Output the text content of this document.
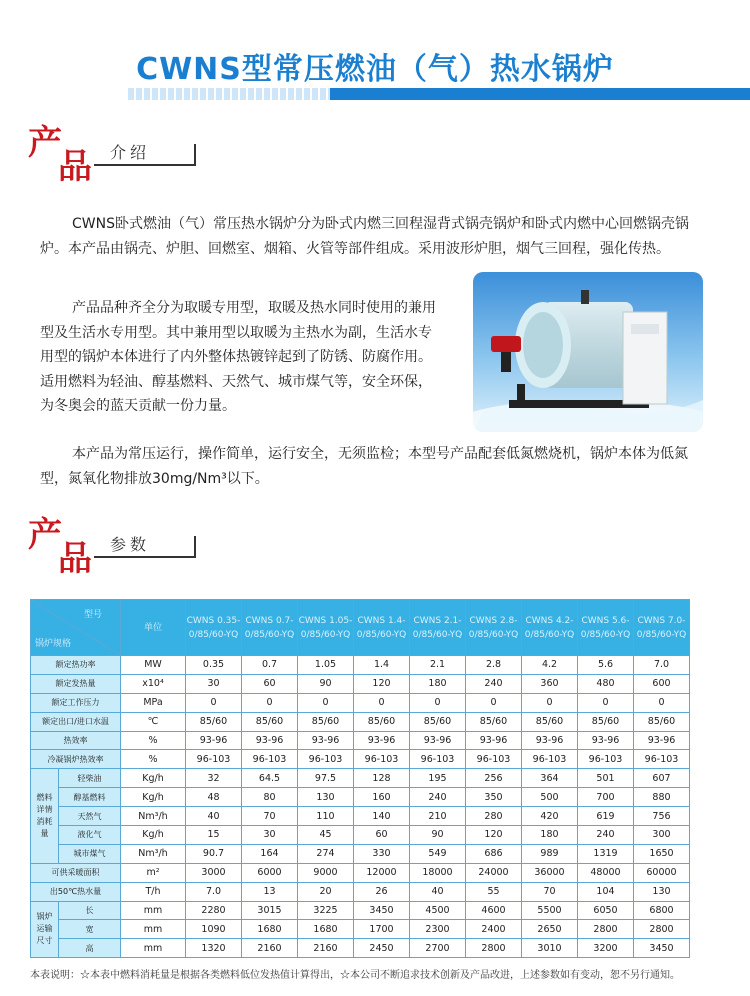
CWNS型常压燃油（气）热水锅炉
产
品 介绍
CWNS卧式燃油（气）常压热水锅炉分为卧式内燃三回程湿背式锅壳锅炉和卧式内燃中心回燃锅壳锅炉。本产品由锅壳、炉胆、回燃室、烟箱、火管等部件组成。采用波形炉胆，烟气三回程，强化传热。
产品品种齐全分为取暖专用型，取暖及热水同时使用的兼用
型及生活水专用型。其中兼用型以取暖为主热水为副，生活水专
用型的锅炉本体进行了内外整体热镀锌起到了防锈、防腐作用。
适用燃料为轻油、醇基燃料、天然气、城市煤气等，安全环保，
为冬奥会的蓝天贡献一份力量。
本产品为常压运行，操作简单，运行安全，无须监检；本型号产品配套低氮燃烧机，锅炉本体为低氮型，氮氧化物排放30mg/Nm³以下。
产
品 参数
型号
锅炉规格		单位	CWNS 0.35-0/85/60-YQ	CWNS 0.7-0/85/60-YQ	CWNS 1.05-0/85/60-YQ	CWNS 1.4-0/85/60-YQ	CWNS 2.1-0/85/60-YQ	CWNS 2.8-0/85/60-YQ	CWNS 4.2-0/85/60-YQ	CWNS 5.6-0/85/60-YQ	CWNS 7.0-0/85/60-YQ
额定热功率		MW	0.35	0.7	1.05	1.4	2.1	2.8	4.2	5.6	7.0
额定发热量		x10⁴	30	60	90	120	180	240	360	480	600
额定工作压力		MPa	0	0	0	0	0	0	0	0	0
额定出口/进口水温		℃	85/60	85/60	85/60	85/60	85/60	85/60	85/60	85/60	85/60
热效率		%	93-96	93-96	93-96	93-96	93-96	93-96	93-96	93-96	93-96
冷凝锅炉热效率		%	96-103	96-103	96-103	96-103	96-103	96-103	96-103	96-103	96-103
燃料详情消耗量	轻柴油	Kg/h	32	64.5	97.5	128	195	256	364	501	607
	醇基燃料	Kg/h	48	80	130	160	240	350	500	700	880
	天然气	Nm³/h	40	70	110	140	210	280	420	619	756
	液化气	Kg/h	15	30	45	60	90	120	180	240	300
	城市煤气	Nm³/h	90.7	164	274	330	549	686	989	1319	1650
可供采暖面积		m²	3000	6000	9000	12000	18000	24000	36000	48000	60000
出50℃热水量		T/h	7.0	13	20	26	40	55	70	104	130
锅炉运输尺寸	长	mm	2280	3015	3225	3450	4500	4600	5500	6050	6800
	宽	mm	1090	1680	1680	1700	2300	2400	2650	2800	2800
	高	mm	1320	2160	2160	2450	2700	2800	3010	3200	3450
本表说明：☆本表中燃料消耗量是根据各类燃料低位发热值计算得出，☆本公司不断追求技术创新及产品改进，上述参数如有变动，恕不另行通知。
